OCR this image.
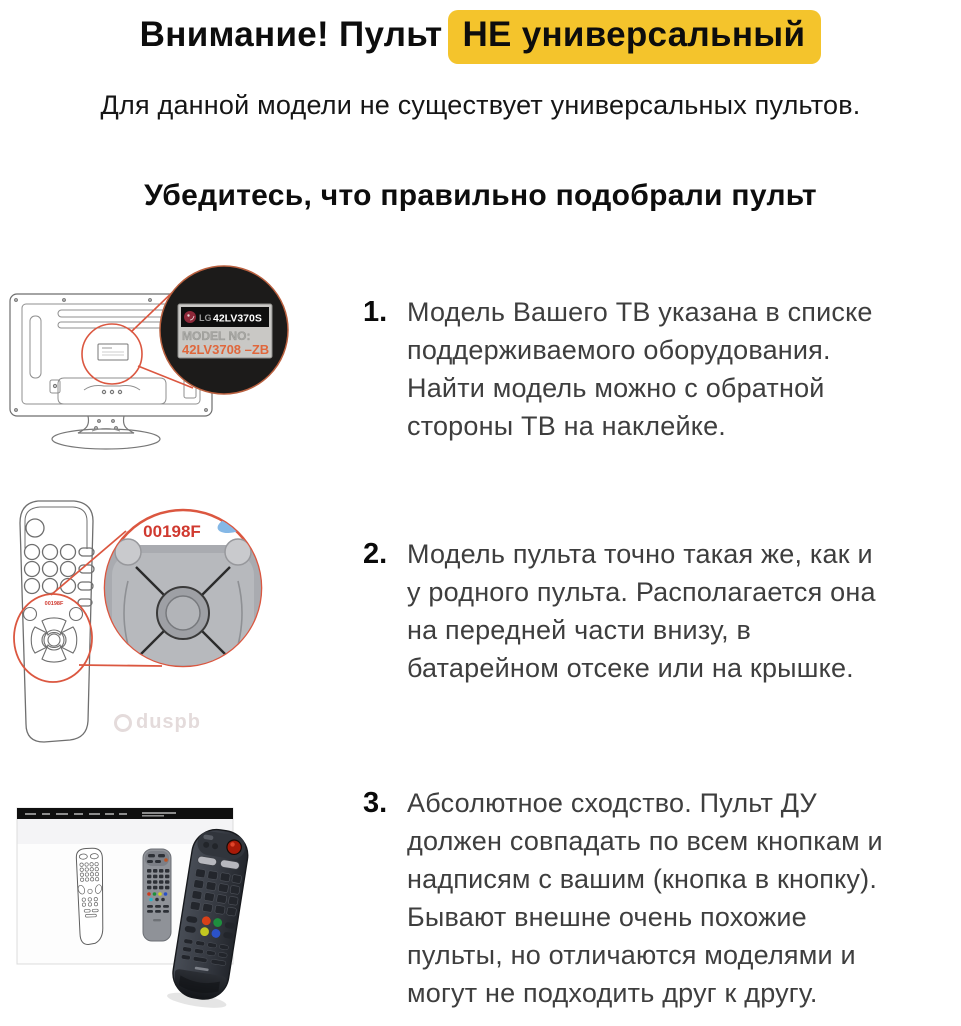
Внимание! Пульт НЕ универсальный
Для данной модели не существует универсальных пультов.
Убедитесь, что правильно подобрали пульт
LG 42LV370S
MODEL NO:
42LV3708 –ZB
1. Модель Вашего ТВ указана в списке
поддерживаемого оборудования.
Найти модель можно с обратной
стороны ТВ на наклейке.
00198F
00198F
duspb
2. Модель пульта точно такая же, как и
у родного пульта. Располагается она
на передней части внизу, в
батарейном отсеке или на крышке.
3. Абсолютное сходство. Пульт ДУ
должен совпадать по всем кнопкам и
надписям с вашим (кнопка в кнопку).
Бывают внешне очень похожие
пульты, но отличаются моделями и
могут не подходить друг к другу.
